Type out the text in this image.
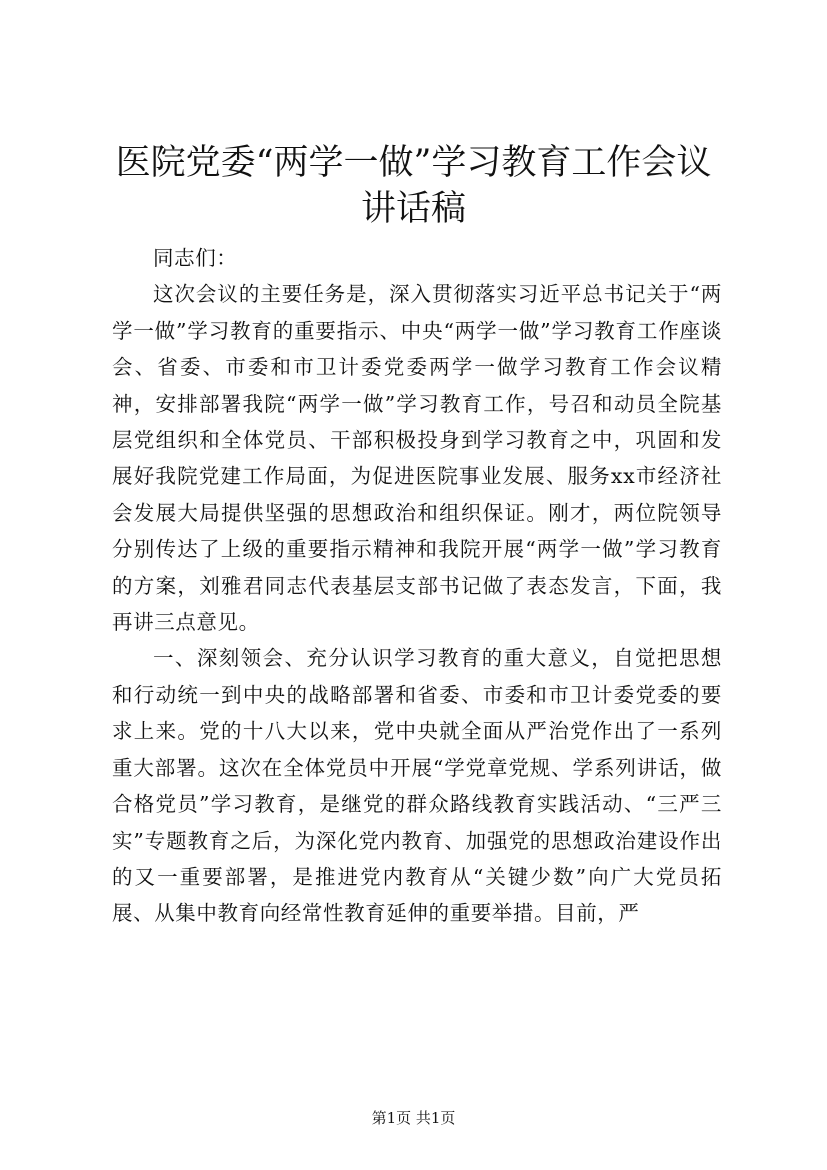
医院党委“两学一做”学习教育工作会议讲话稿

同志们：

这次会议的主要任务是，深入贯彻落实习近平总书记关于“两学一做”学习教育的重要指示、中央“两学一做”学习教育工作座谈会、省委、市委和市卫计委党委两学一做学习教育工作会议精神，安排部署我院“两学一做”学习教育工作，号召和动员全院基层党组织和全体党员、干部积极投身到学习教育之中，巩固和发展好我院党建工作局面，为促进医院事业发展、服务xx市经济社会发展大局提供坚强的思想政治和组织保证。刚才，两位院领导分别传达了上级的重要指示精神和我院开展“两学一做”学习教育的方案，刘雅君同志代表基层支部书记做了表态发言，下面，我再讲三点意见。

一、深刻领会、充分认识学习教育的重大意义，自觉把思想和行动统一到中央的战略部署和省委、市委和市卫计委党委的要求上来。党的十八大以来，党中央就全面从严治党作出了一系列重大部署。这次在全体党员中开展“学党章党规、学系列讲话，做合格党员”学习教育，是继党的群众路线教育实践活动、“三严三实”专题教育之后，为深化党内教育、加强党的思想政治建设作出的又一重要部署，是推进党内教育从“关键少数”向广大党员拓展、从集中教育向经常性教育延伸的重要举措。目前，严

第1页 共1页
